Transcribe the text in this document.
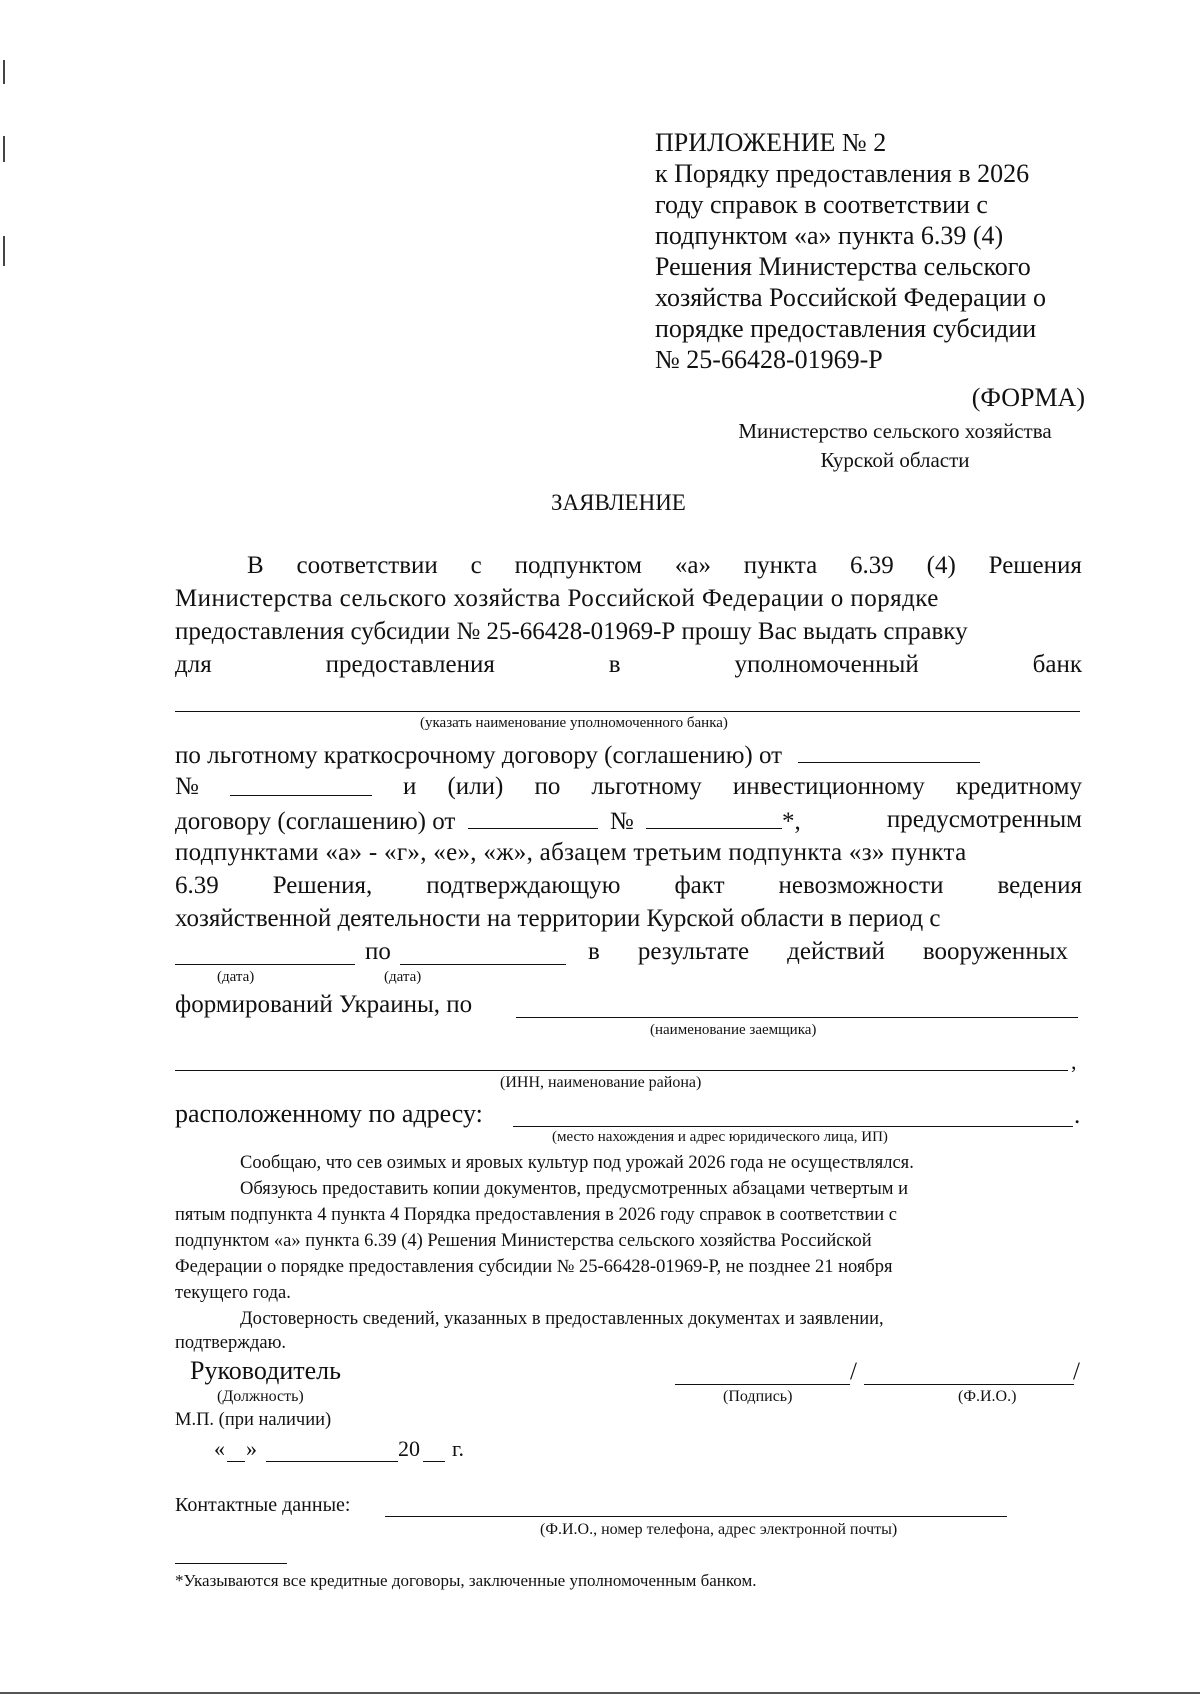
ПРИЛОЖЕНИЕ № 2
к Порядку предоставления в 2026
году справок в соответствии с
подпунктом «а» пункта 6.39 (4)
Решения Министерства сельского
хозяйства Российской Федерации о
порядке предоставления субсидии
№ 25-66428-01969-Р
(ФОРМА)
Министерство сельского хозяйства
Курской области
ЗАЯВЛЕНИЕ
В соответствии с подпунктом «а» пункта 6.39 (4) Решения
Министерства сельского хозяйства Российской Федерации о порядке
предоставления субсидии № 25-66428-01969-Р прошу Вас выдать справку
для	предоставления	в	уполномоченный	банк
(указать наименование уполномоченного банка)
по льготному краткосрочному договору (соглашению) от
№	и (или) по льготному инвестиционному кредитному
договору (соглашению) от	№	*,	предусмотренным
подпунктами «а» - «г», «е», «ж», абзацем третьим подпункта «з» пункта
6.39 Решения, подтверждающую факт невозможности ведения
хозяйственной деятельности на территории Курской области в период с
по	в результате действий вооруженных
(дата)	(дата)
формирований Украины, по
(наименование заемщика)
,
(ИНН, наименование района)
расположенному по адресу:	.
(место нахождения и адрес юридического лица, ИП)
Сообщаю, что сев озимых и яровых культур под урожай 2026 года не осуществлялся.
Обязуюсь предоставить копии документов, предусмотренных абзацами четвертым и
пятым подпункта 4 пункта 4 Порядка предоставления в 2026 году справок в соответствии с
подпунктом «а» пункта 6.39 (4) Решения Министерства сельского хозяйства Российской
Федерации о порядке предоставления субсидии № 25-66428-01969-Р, не позднее 21 ноября
текущего года.
Достоверность сведений, указанных в предоставленных документах и заявлении,
подтверждаю.
Руководитель	/	/
(Должность)	(Подпись)	(Ф.И.О.)
М.П. (при наличии)
« »	20 г.
Контактные данные:
(Ф.И.О., номер телефона, адрес электронной почты)
*Указываются все кредитные договоры, заключенные уполномоченным банком.
